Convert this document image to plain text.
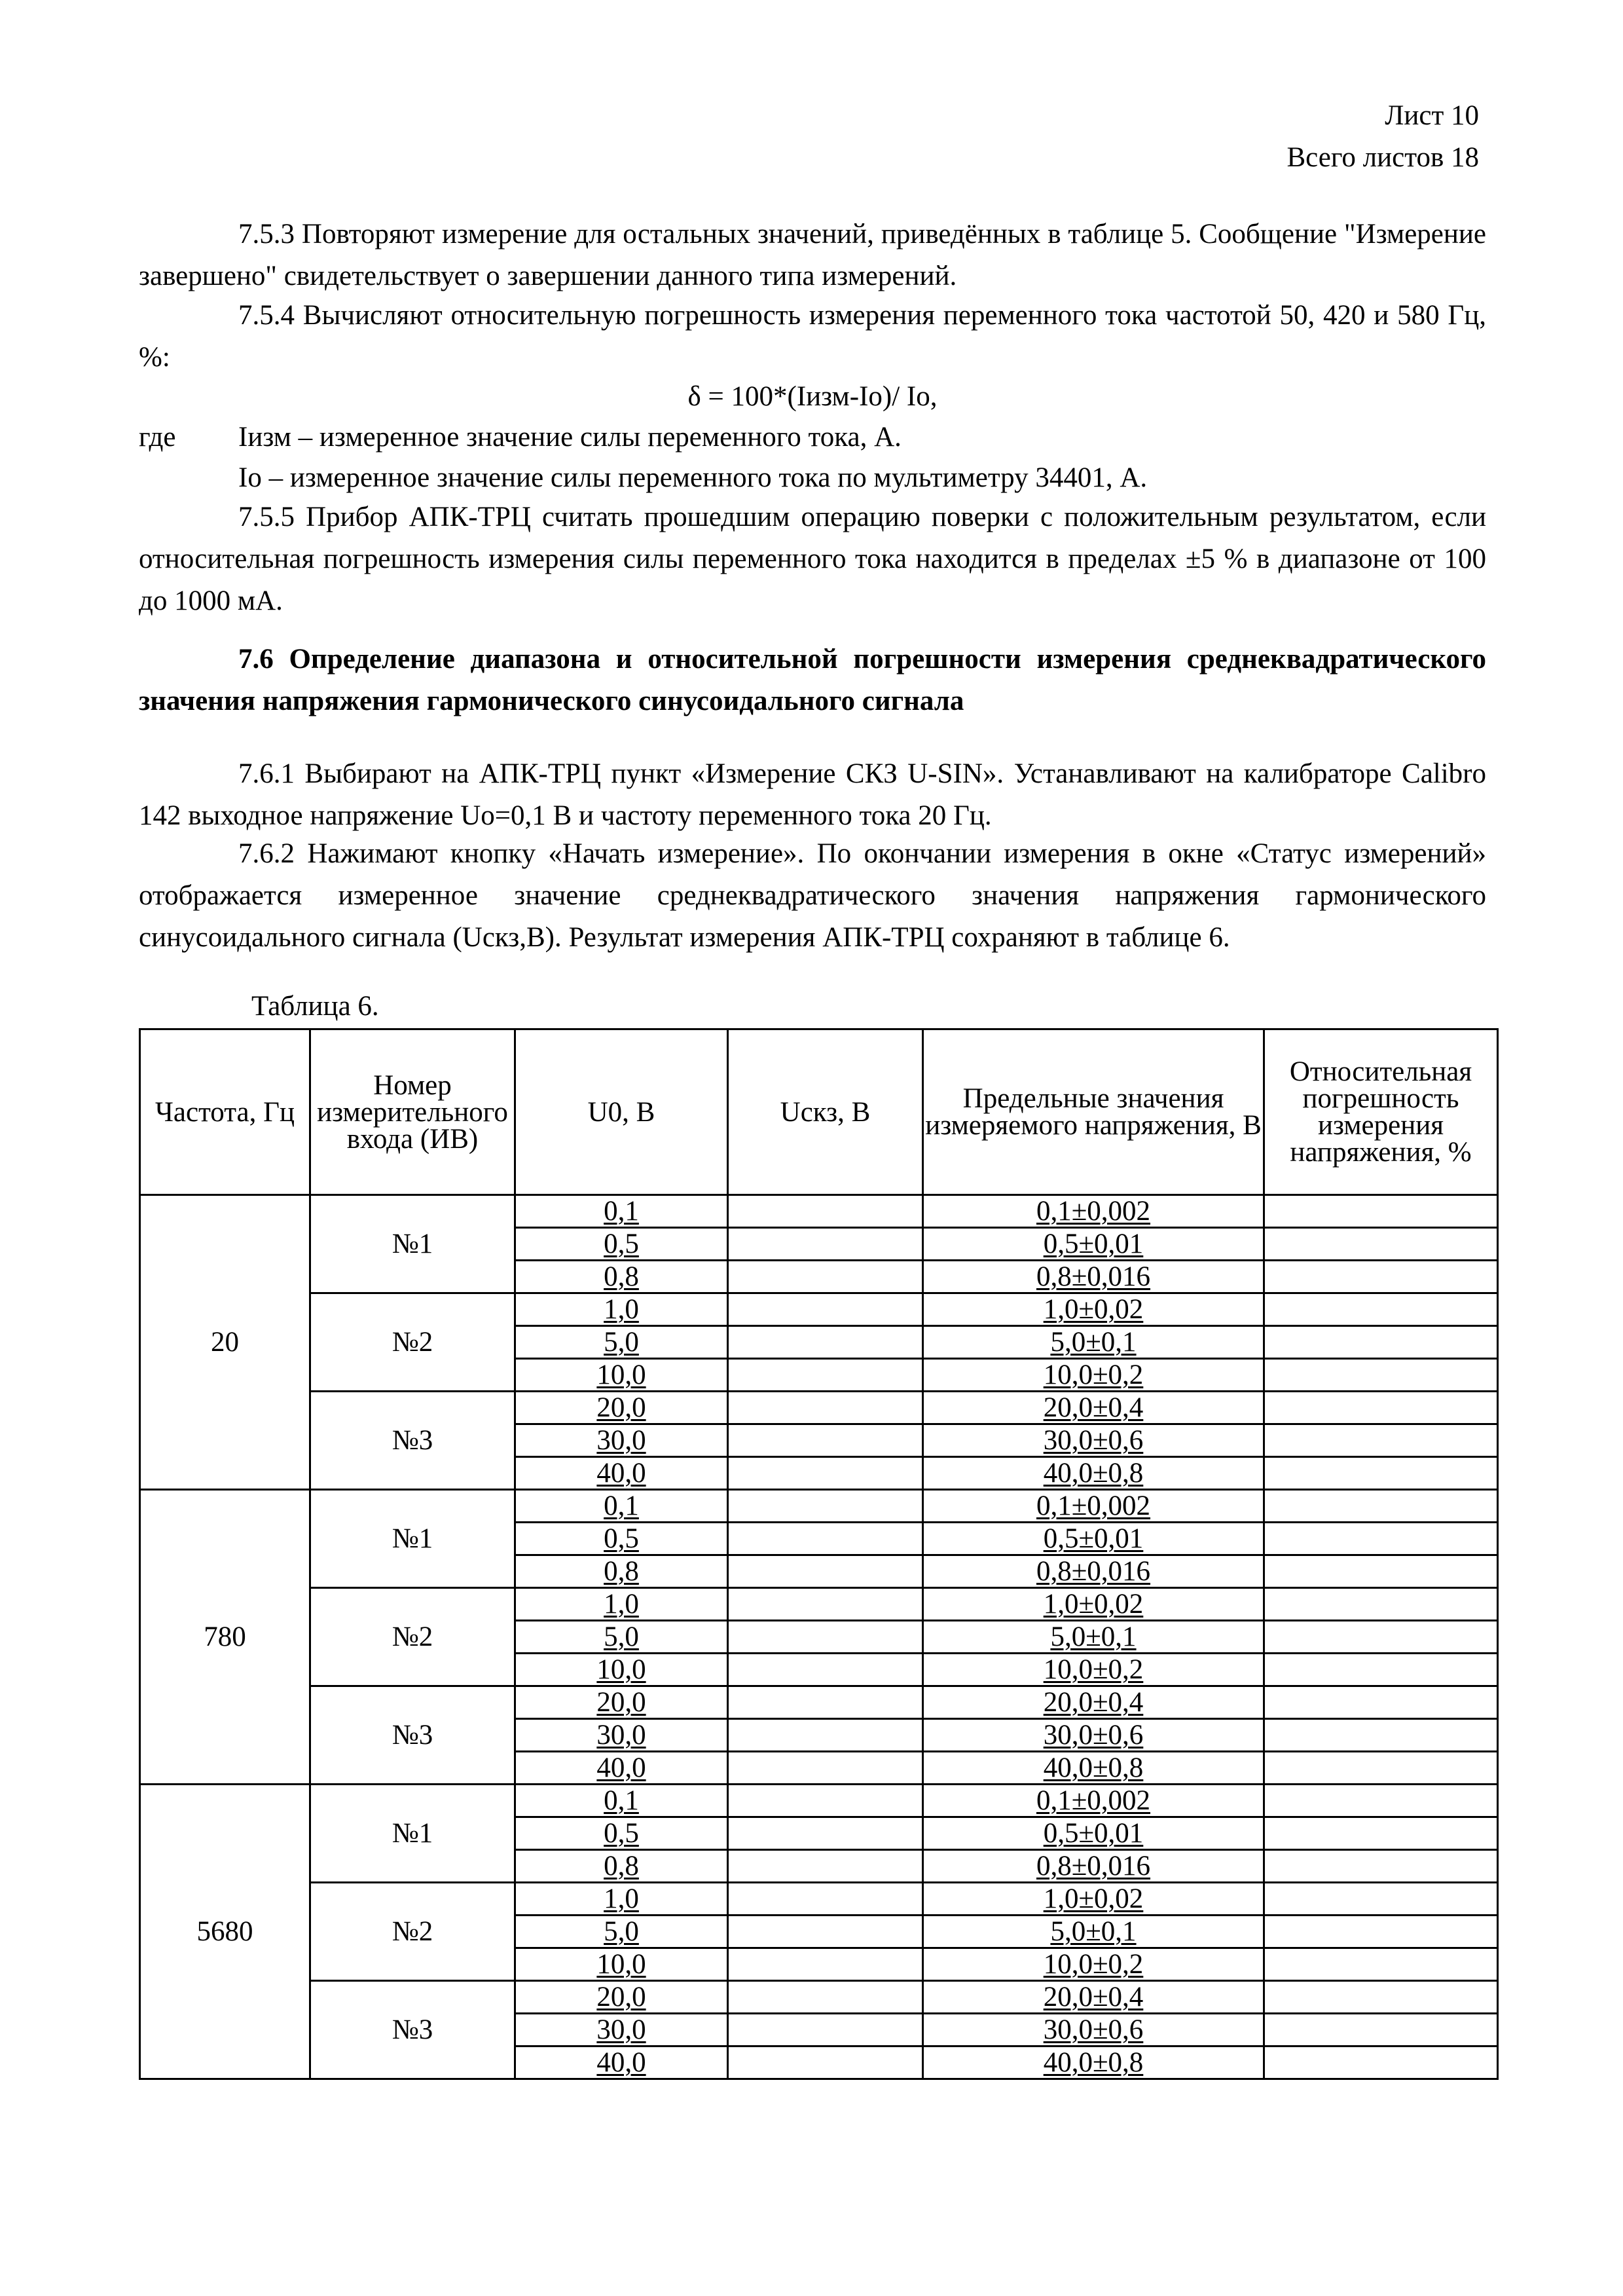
Лист 10
Всего листов 18

7.5.3 Повторяют измерение для остальных значений, приведённых в таблице 5. Сообщение "Измерение завершено" свидетельствует о завершении данного типа измерений.

7.5.4 Вычисляют относительную погрешность измерения переменного тока частотой 50, 420 и 580 Гц, %:

δ = 100*(Iизм-Io)/ Io,
где Iизм – измеренное значение силы переменного тока, А.
Io – измеренное значение силы переменного тока по мультиметру 34401, А.

7.5.5 Прибор АПК-ТРЦ считать прошедшим операцию поверки с положительным результатом, если относительная погрешность измерения силы переменного тока находится в пределах ±5 % в диапазоне от 100 до 1000 мА.

7.6 Определение диапазона и относительной погрешности измерения среднеквадратического значения напряжения гармонического синусоидального сигнала

7.6.1 Выбирают на АПК-ТРЦ пункт «Измерение СКЗ U-SIN». Устанавливают на калибраторе Calibro 142 выходное напряжение Uo=0,1 В и частоту переменного тока 20 Гц.

7.6.2 Нажимают кнопку «Начать измерение». По окончании измерения в окне «Статус измерений» отображается измеренное значение среднеквадратического значения напряжения гармонического синусоидального сигнала (Uскз,В). Результат измерения АПК-ТРЦ сохраняют в таблице 6.

Таблица 6.
Частота, Гц	Номер измерительного входа (ИВ)	U0, В	Uскз, В	Предельные значения измеряемого напряжения, В	Относительная погрешность измерения напряжения, %
20	№1	0,1		0,1±0,002	
		0,5		0,5±0,01	
		0,8		0,8±0,016	
	№2	1,0		1,0±0,02	
		5,0		5,0±0,1	
		10,0		10,0±0,2	
	№3	20,0		20,0±0,4	
		30,0		30,0±0,6	
		40,0		40,0±0,8	
780	№1	0,1		0,1±0,002	
		0,5		0,5±0,01	
		0,8		0,8±0,016	
	№2	1,0		1,0±0,02	
		5,0		5,0±0,1	
		10,0		10,0±0,2	
	№3	20,0		20,0±0,4	
		30,0		30,0±0,6	
		40,0		40,0±0,8	
5680	№1	0,1		0,1±0,002	
		0,5		0,5±0,01	
		0,8		0,8±0,016	
	№2	1,0		1,0±0,02	
		5,0		5,0±0,1	
		10,0		10,0±0,2	
	№3	20,0		20,0±0,4	
		30,0		30,0±0,6	
		40,0		40,0±0,8	
